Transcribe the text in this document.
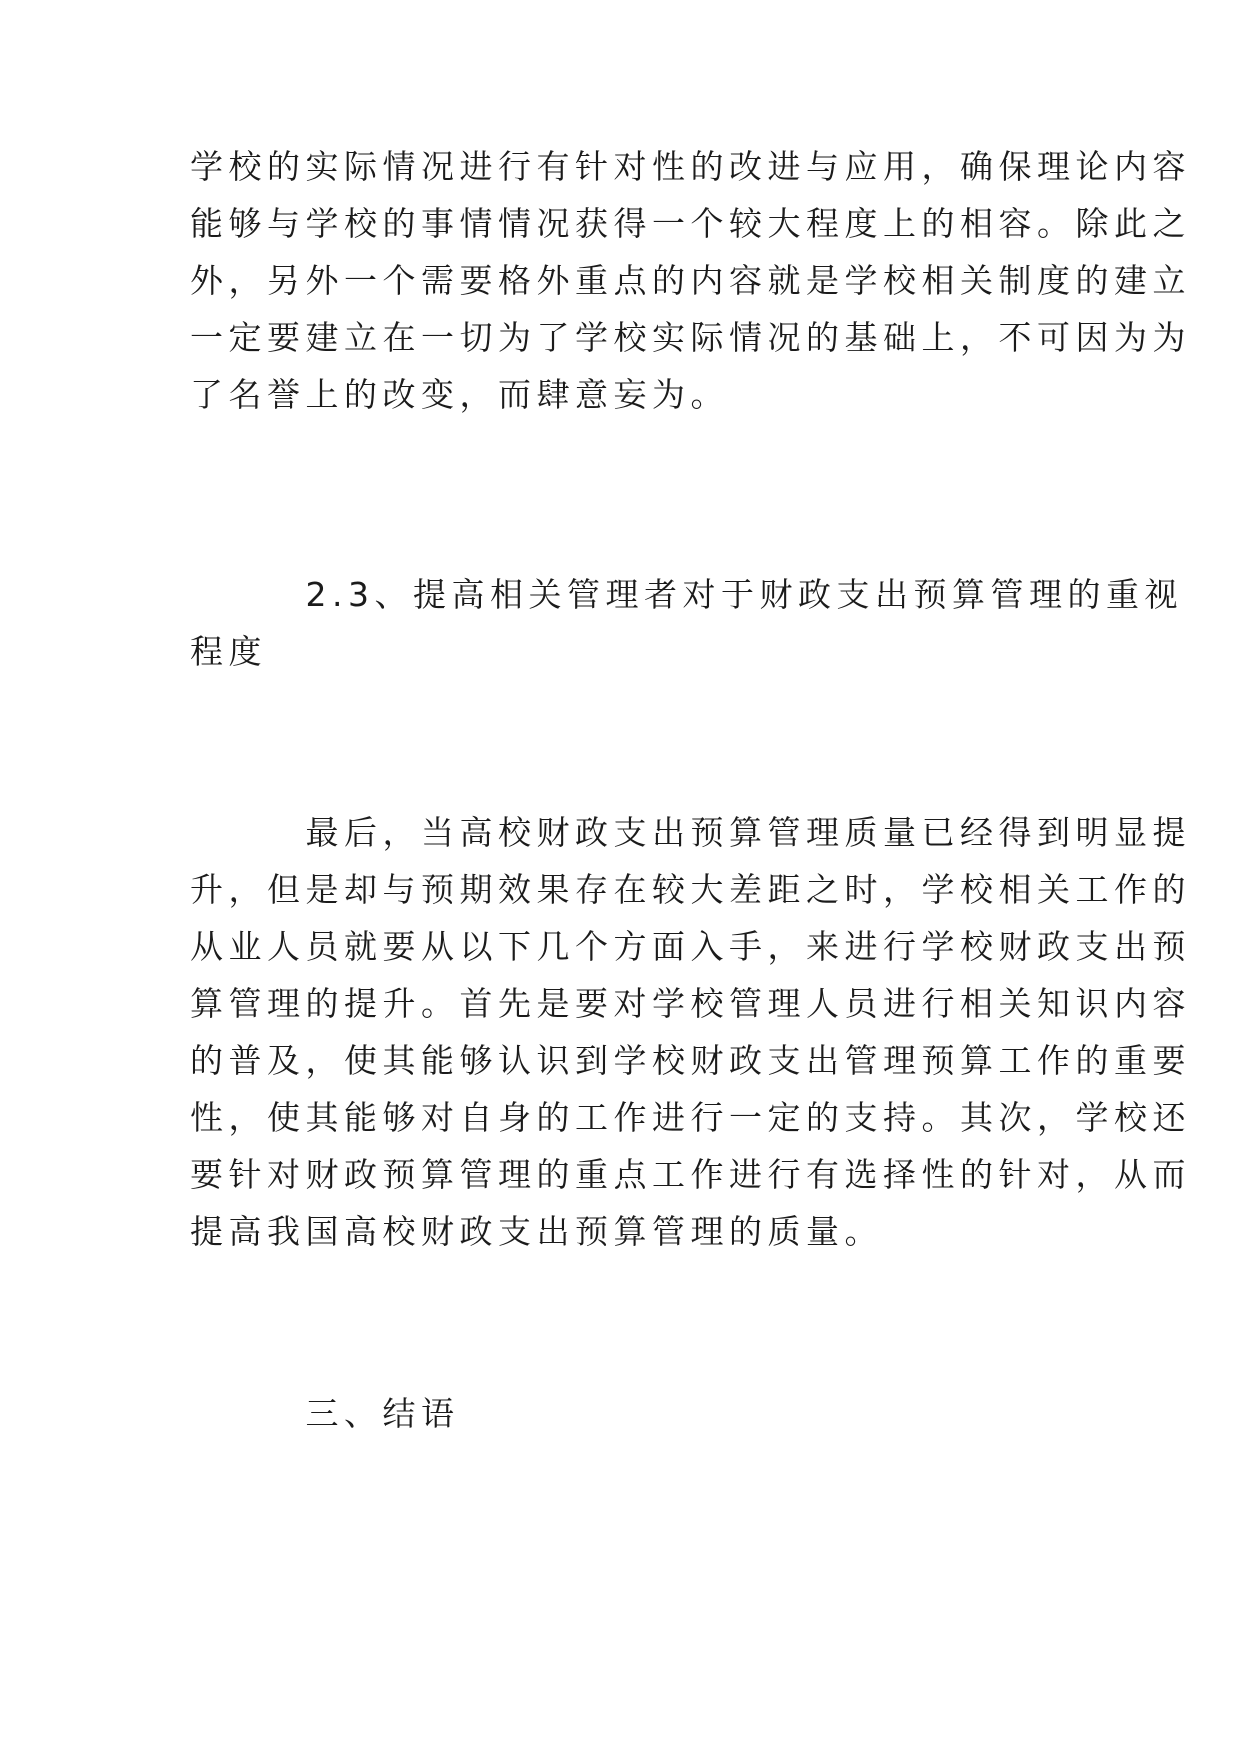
学校的实际情况进行有针对性的改进与应用，确保理论内容
能够与学校的事情情况获得一个较大程度上的相容。除此之
外，另外一个需要格外重点的内容就是学校相关制度的建立
一定要建立在一切为了学校实际情况的基础上，不可因为为
了名誉上的改变，而肆意妄为。
　　　2.3、提高相关管理者对于财政支出预算管理的重视
程度
　　　最后，当高校财政支出预算管理质量已经得到明显提
升，但是却与预期效果存在较大差距之时，学校相关工作的
从业人员就要从以下几个方面入手，来进行学校财政支出预
算管理的提升。首先是要对学校管理人员进行相关知识内容
的普及，使其能够认识到学校财政支出管理预算工作的重要
性，使其能够对自身的工作进行一定的支持。其次，学校还
要针对财政预算管理的重点工作进行有选择性的针对，从而
提高我国高校财政支出预算管理的质量。
　　　三、结语
